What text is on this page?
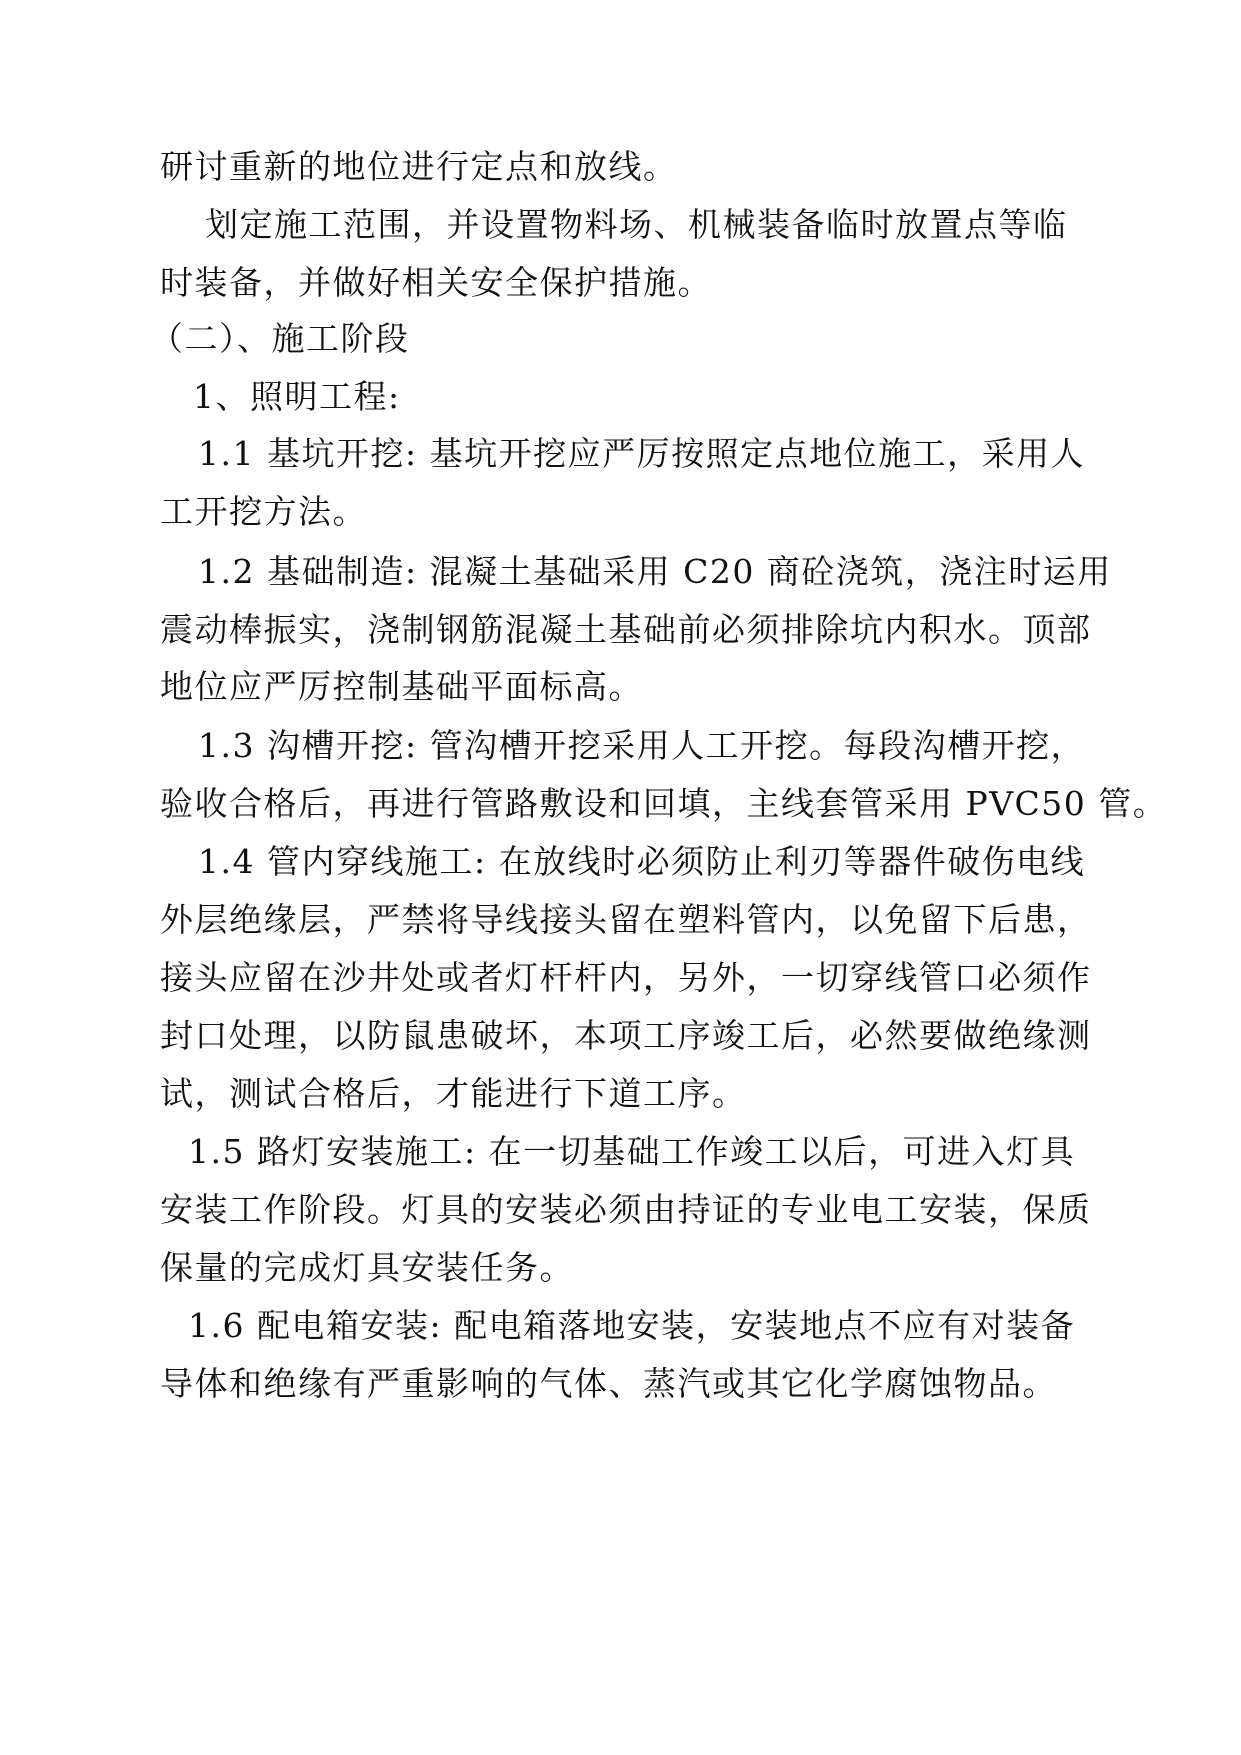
研讨重新的地位进行定点和放线。
划定施工范围，并设置物料场、机械装备临时放置点等临
时装备，并做好相关安全保护措施。
（二）、施工阶段
1、照明工程:
1.1 基坑开挖: 基坑开挖应严厉按照定点地位施工，采用人
工开挖方法。
1.2 基础制造: 混凝土基础采用 C20 商砼浇筑，浇注时运用
震动棒振实，浇制钢筋混凝土基础前必须排除坑内积水。顶部
地位应严厉控制基础平面标高。
1.3 沟槽开挖: 管沟槽开挖采用人工开挖。每段沟槽开挖，
验收合格后，再进行管路敷设和回填，主线套管采用 PVC50 管。
1.4 管内穿线施工: 在放线时必须防止利刃等器件破伤电线
外层绝缘层，严禁将导线接头留在塑料管内，以免留下后患，
接头应留在沙井处或者灯杆杆内，另外，一切穿线管口必须作
封口处理，以防鼠患破坏，本项工序竣工后，必然要做绝缘测
试，测试合格后，才能进行下道工序。
1.5 路灯安装施工: 在一切基础工作竣工以后，可进入灯具
安装工作阶段。灯具的安装必须由持证的专业电工安装，保质
保量的完成灯具安装任务。
1.6 配电箱安装: 配电箱落地安装，安装地点不应有对装备
导体和绝缘有严重影响的气体、蒸汽或其它化学腐蚀物品。
